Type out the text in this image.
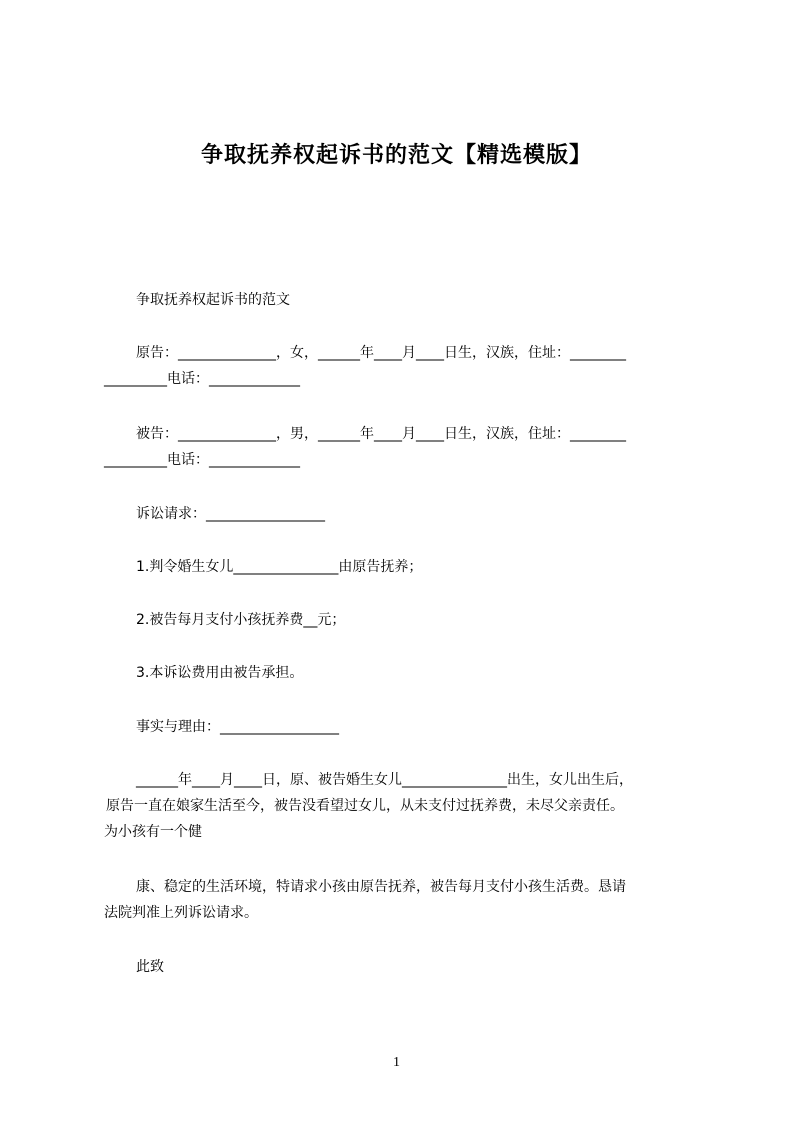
争取抚养权起诉书的范文【精选模版】
争取抚养权起诉书的范文
原告：______________，女，______年____月____日生，汉族，住址：________
_________电话：_____________
被告：______________，男，______年____月____日生，汉族，住址：________
_________电话：_____________
诉讼请求：_________________
1.判令婚生女儿_______________由原告抚养；
2.被告每月支付小孩抚养费__元；
3.本诉讼费用由被告承担。
事实与理由：_________________
______年____月____日，原、被告婚生女儿_______________出生，女儿出生后，
原告一直在娘家生活至今，被告没看望过女儿，从未支付过抚养费，未尽父亲责任。
为小孩有一个健
康、稳定的生活环境，特请求小孩由原告抚养，被告每月支付小孩生活费。恳请
法院判准上列诉讼请求。
此致
1
